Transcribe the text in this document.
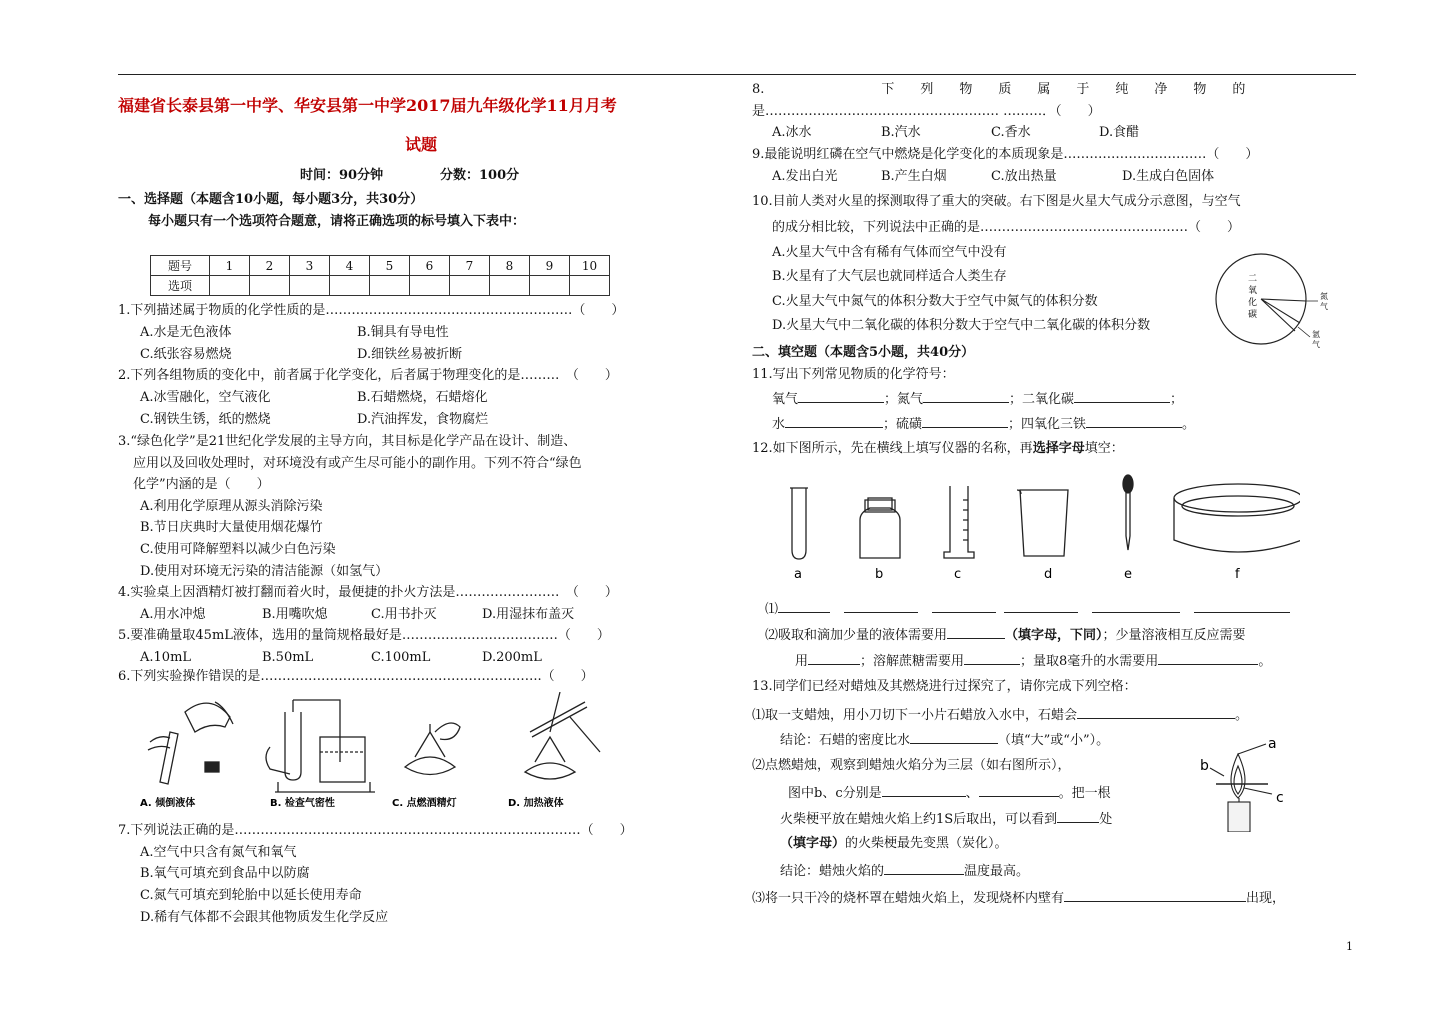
福建省长泰县第一中学、华安县第一中学2017届九年级化学11月月考
试题
时间：90分钟	分数：100分
一、选择题（本题含10小题，每小题3分，共30分）
每小题只有一个选项符合题意，请将正确选项的标号填入下表中：
题号	1	2	3	4	5	6	7	8	9	10
选项										
1.下列描述属于物质的化学性质的是…………………………………………………（　　）
A.水是无色液体	B.铜具有导电性
C.纸张容易燃烧	D.细铁丝易被折断
2.下列各组物质的变化中，前者属于化学变化，后者属于物理变化的是………　（　　）
A.冰雪融化，空气液化	B.石蜡燃烧，石蜡熔化
C.钢铁生锈，纸的燃烧	D.汽油挥发，食物腐烂
3.“绿色化学”是21世纪化学发展的主导方向，其目标是化学产品在设计、制造、
应用以及回收处理时，对环境没有或产生尽可能小的副作用。下列不符合“绿色
化学”内涵的是（　　）
A.利用化学原理从源头消除污染
B.节日庆典时大量使用烟花爆竹
C.使用可降解塑料以减少白色污染
D.使用对环境无污染的清洁能源（如氢气）
4.实验桌上因酒精灯被打翻而着火时，最便捷的扑火方法是……………………　（　　）
A.用水冲熄	B.用嘴吹熄	C.用书扑灭	D.用湿抹布盖灭
5.要准确量取45mL液体，选用的量筒规格最好是………………………………（　　）
A.10mL	B.50mL	C.100mL	D.200mL
6.下列实验操作错误的是………………………………………………………..（　　）
A. 倾倒液体	B. 检查气密性	C. 点燃酒精灯	D. 加热液体
7.下列说法正确的是……………………………………………………………..………（　　）
A.空气中只含有氮气和氧气
B.氧气可填充到食品中以防腐
C.氮气可填充到轮胎中以延长使用寿命
D.稀有气体都不会跟其他物质发生化学反应
8.　　　　　　　　　下　　列　　物　　质　　属　　于　　纯　　净　　物　　的
是……………………………………………… ………．（　　）
A.冰水	B.汽水	C.香水	D.食醋
9.最能说明红磷在空气中燃烧是化学变化的本质现象是……………………………（　　）
A.发出白光	B.产生白烟	C.放出热量	D.生成白色固体
10.目前人类对火星的探测取得了重大的突破。右下图是火星大气成分示意图，与空气
的成分相比较，下列说法中正确的是…………………………………………（　　）
A.火星大气中含有稀有气体而空气中没有
B.火星有了大气层也就同样适合人类生存
C.火星大气中氮气的体积分数大于空气中氮气的体积分数
D.火星大气中二氧化碳的体积分数大于空气中二氧化碳的体积分数
二
氧
化
碳
氮
气
氩
气
二、填空题（本题含5小题，共40分）
11.写出下列常见物质的化学符号：
氧气	；氮气	；二氧化碳	；
水	；硫磺	；四氧化三铁	。
12.如下图所示，先在横线上填写仪器的名称，再选择字母填空：
a	b	c	d	e	f
⑴
⑵吸取和滴加少量的液体需要用	（填字母，下同）；少量溶液相互反应需要
用	；溶解蔗糖需要用	；量取8毫升的水需要用	。
13.同学们已经对蜡烛及其燃烧进行过探究了，请你完成下列空格：
⑴取一支蜡烛，用小刀切下一小片石蜡放入水中，石蜡会	。
结论：石蜡的密度比水	（填“大”或“小”）。
⑵点燃蜡烛，观察到蜡烛火焰分为三层（如右图所示），
图中b、c分别是	、	。把一根
火柴梗平放在蜡烛火焰上约1S后取出，可以看到	处
（填字母）的火柴梗最先变黑（炭化）。
结论：蜡烛火焰的	温度最高。
⑶将一只干冷的烧杯罩在蜡烛火焰上，发现烧杯内壁有	出现，
a
b
c
1
